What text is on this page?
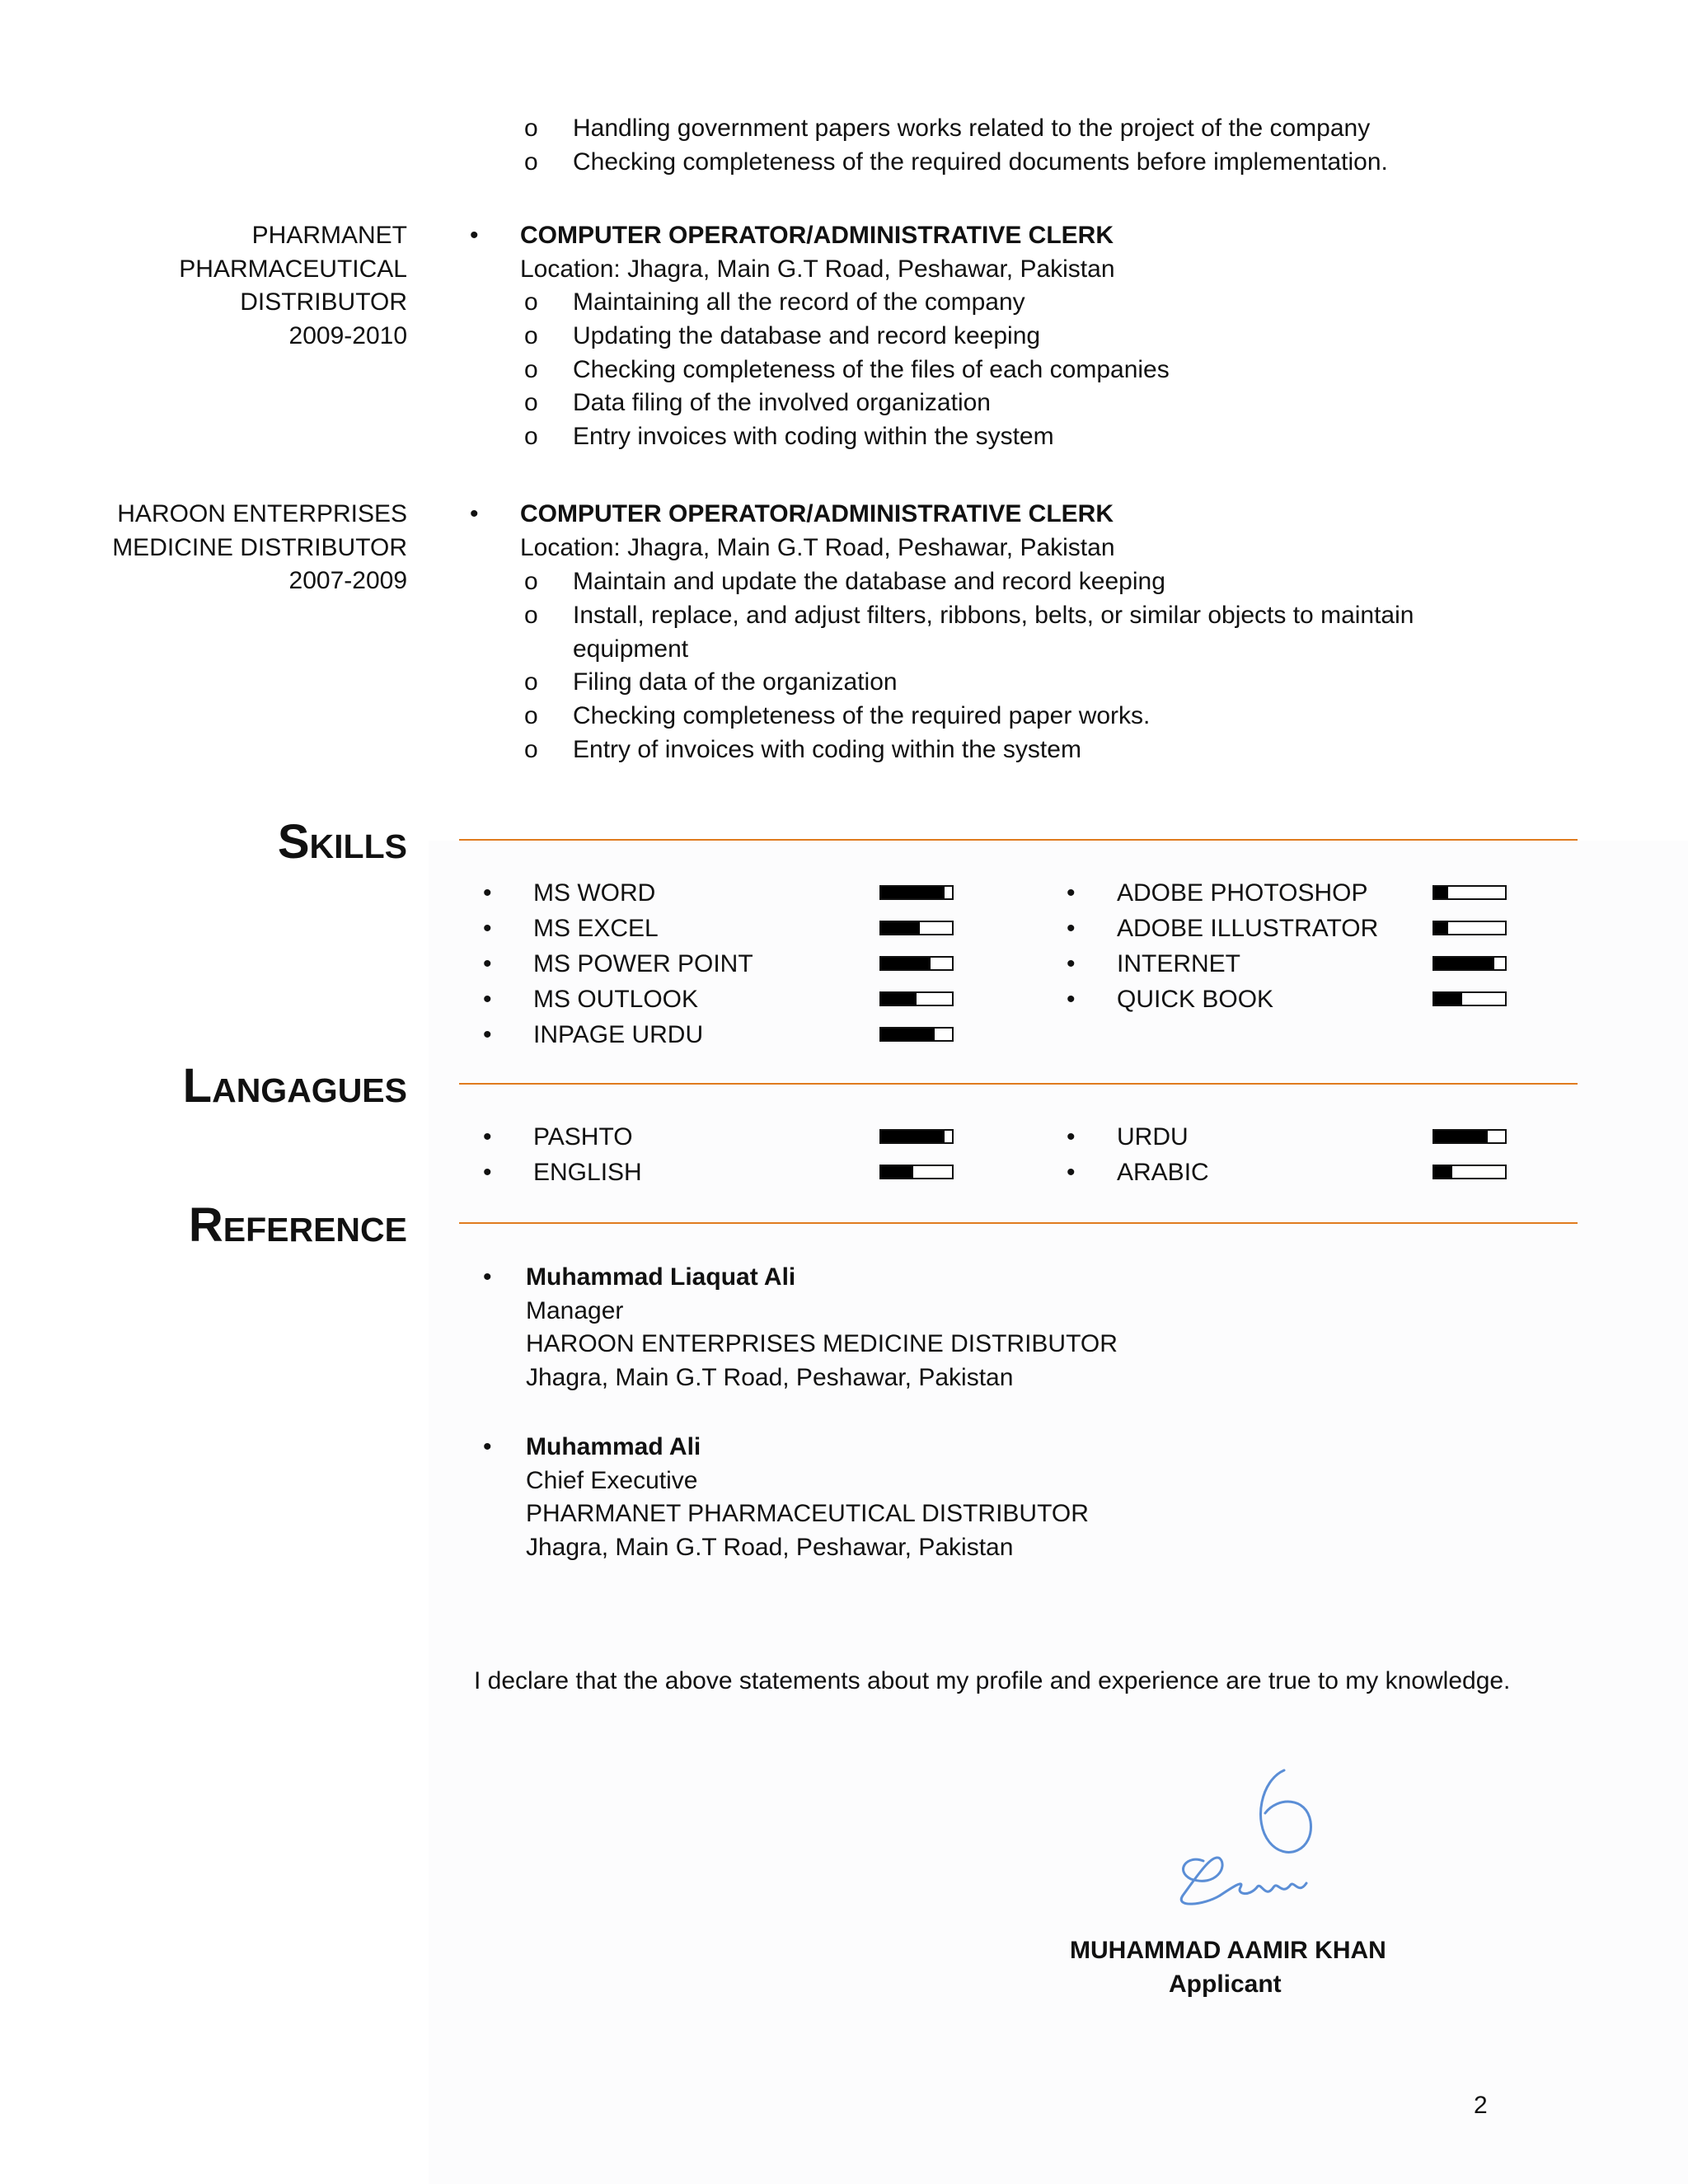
o Handling government papers works related to the project of the company
o Checking completeness of the required documents before implementation.
PHARMANET
PHARMACEUTICAL
DISTRIBUTOR
2009-2010
• COMPUTER OPERATOR/ADMINISTRATIVE CLERK
Location: Jhagra, Main G.T Road, Peshawar, Pakistan
o Maintaining all the record of the company
o Updating the database and record keeping
o Checking completeness of the files of each companies
o Data filing of the involved organization
o Entry invoices with coding within the system
HAROON ENTERPRISES
MEDICINE DISTRIBUTOR
2007-2009
• COMPUTER OPERATOR/ADMINISTRATIVE CLERK
Location: Jhagra, Main G.T Road, Peshawar, Pakistan
o Maintain and update the database and record keeping
o Install, replace, and adjust filters, ribbons, belts, or similar objects to maintain
equipment
o Filing data of the organization
o Checking completeness of the required paper works.
o Entry of invoices with coding within the system
Skills
• MS WORD
• MS EXCEL
• MS POWER POINT
• MS OUTLOOK
• INPAGE URDU
• ADOBE PHOTOSHOP
• ADOBE ILLUSTRATOR
• INTERNET
• QUICK BOOK
Langagues
• PASHTO
• ENGLISH
• URDU
• ARABIC
Reference
• Muhammad Liaquat Ali
Manager
HAROON ENTERPRISES MEDICINE DISTRIBUTOR
Jhagra, Main G.T Road, Peshawar, Pakistan
• Muhammad Ali
Chief Executive
PHARMANET PHARMACEUTICAL DISTRIBUTOR
Jhagra, Main G.T Road, Peshawar, Pakistan
I declare that the above statements about my profile and experience are true to my knowledge.
MUHAMMAD AAMIR KHAN
Applicant
2
